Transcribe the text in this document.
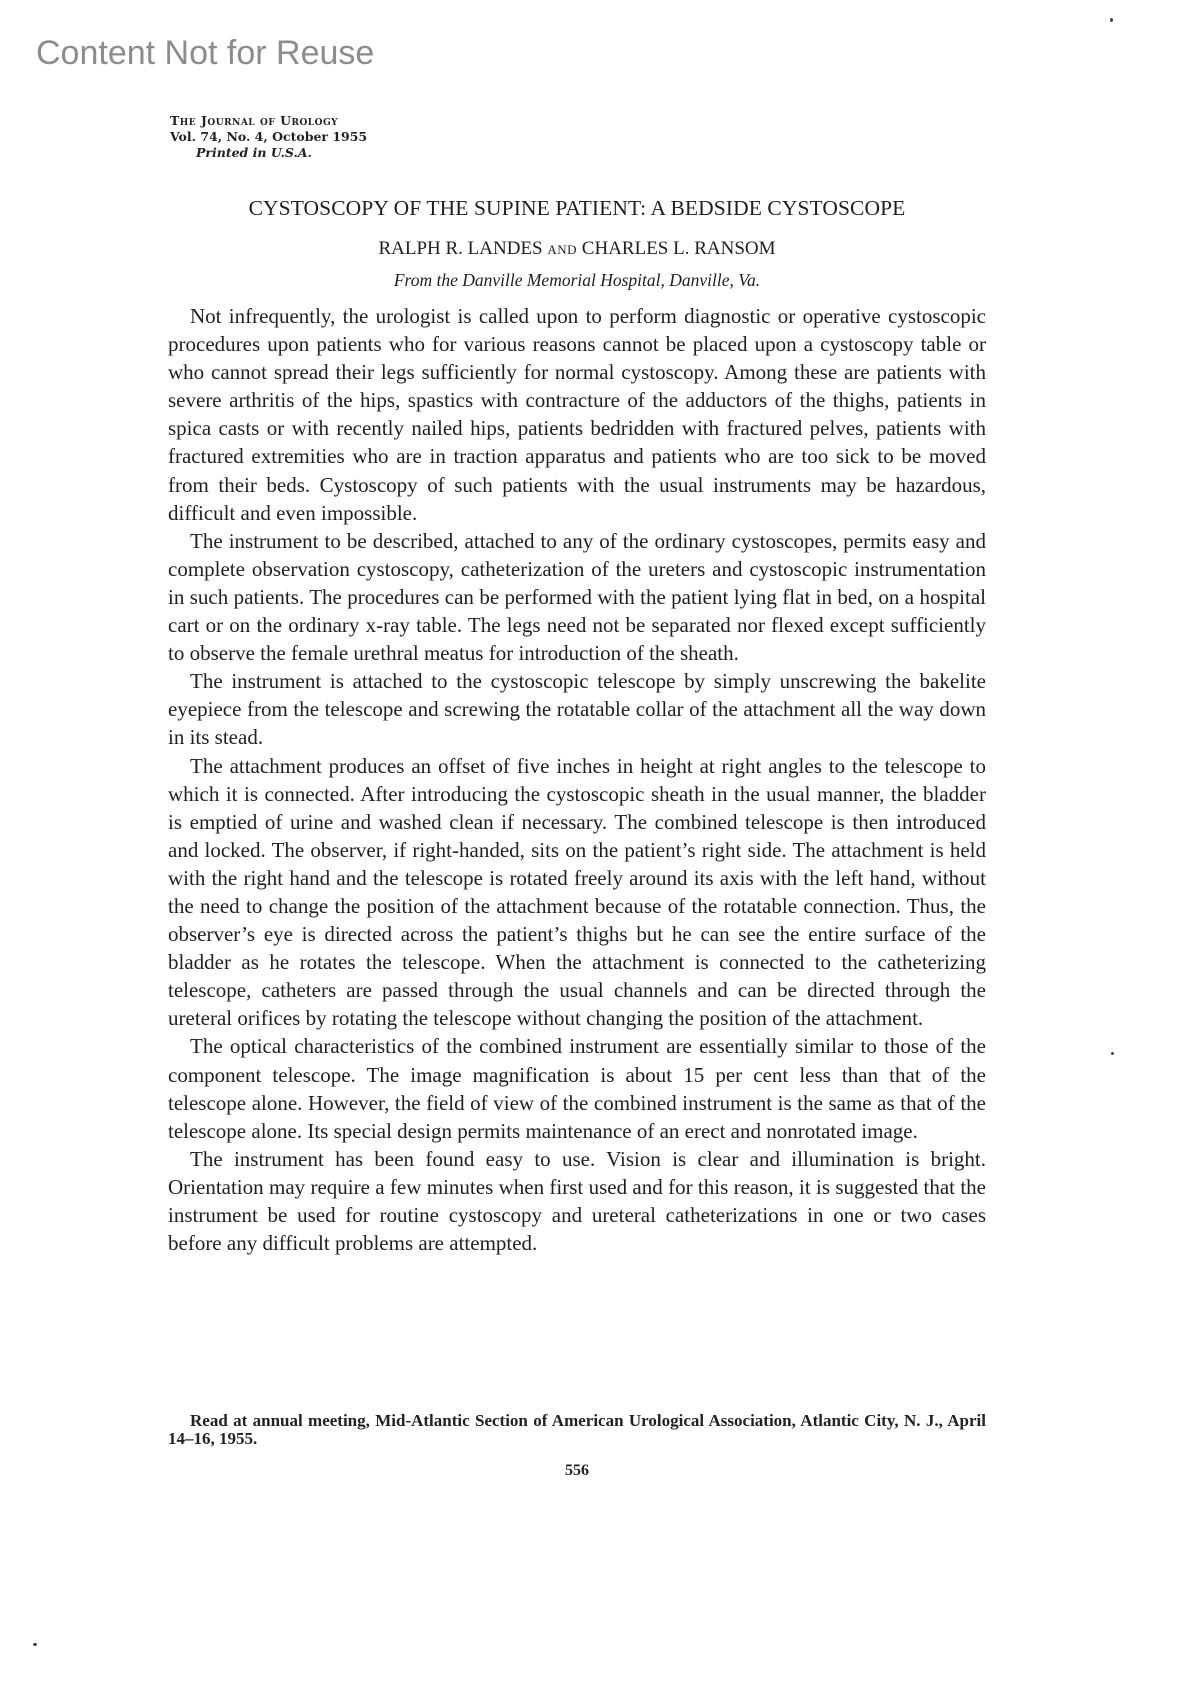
Content Not for Reuse
The Journal of Urology
Vol. 74, No. 4, October 1955
Printed in U.S.A.
CYSTOSCOPY OF THE SUPINE PATIENT: A BEDSIDE CYSTOSCOPE
RALPH R. LANDES AND CHARLES L. RANSOM
From the Danville Memorial Hospital, Danville, Va.

Not infrequently, the urologist is called upon to perform diagnostic or operative cystoscopic procedures upon patients who for various reasons cannot be placed upon a cystoscopy table or who cannot spread their legs sufficiently for normal cystoscopy. Among these are patients with severe arthritis of the hips, spastics with contracture of the adductors of the thighs, patients in spica casts or with recently nailed hips, patients bedridden with fractured pelves, patients with fractured extremities who are in traction apparatus and patients who are too sick to be moved from their beds. Cystoscopy of such patients with the usual instruments may be hazardous, difficult and even impossible.

The instrument to be described, attached to any of the ordinary cystoscopes, permits easy and complete observation cystoscopy, catheterization of the ureters and cystoscopic instrumentation in such patients. The procedures can be performed with the patient lying flat in bed, on a hospital cart or on the ordinary x-ray table. The legs need not be separated nor flexed except sufficiently to observe the female urethral meatus for introduction of the sheath.

The instrument is attached to the cystoscopic telescope by simply unscrewing the bakelite eyepiece from the telescope and screwing the rotatable collar of the attachment all the way down in its stead.

The attachment produces an offset of five inches in height at right angles to the telescope to which it is connected. After introducing the cystoscopic sheath in the usual manner, the bladder is emptied of urine and washed clean if necessary. The combined telescope is then introduced and locked. The observer, if right-handed, sits on the patient’s right side. The attachment is held with the right hand and the telescope is rotated freely around its axis with the left hand, without the need to change the position of the attachment because of the rotatable connection. Thus, the observer’s eye is directed across the patient’s thighs but he can see the entire surface of the bladder as he rotates the telescope. When the attachment is connected to the catheterizing telescope, catheters are passed through the usual channels and can be directed through the ureteral orifices by rotating the telescope without changing the position of the attachment.

The optical characteristics of the combined instrument are essentially similar to those of the component telescope. The image magnification is about 15 per cent less than that of the telescope alone. However, the field of view of the combined instrument is the same as that of the telescope alone. Its special design permits maintenance of an erect and nonrotated image.

The instrument has been found easy to use. Vision is clear and illumination is bright. Orientation may require a few minutes when first used and for this reason, it is suggested that the instrument be used for routine cystoscopy and ureteral catheterizations in one or two cases before any difficult problems are attempted.

Read at annual meeting, Mid-Atlantic Section of American Urological Association, Atlantic City, N. J., April 14–16, 1955.
556
